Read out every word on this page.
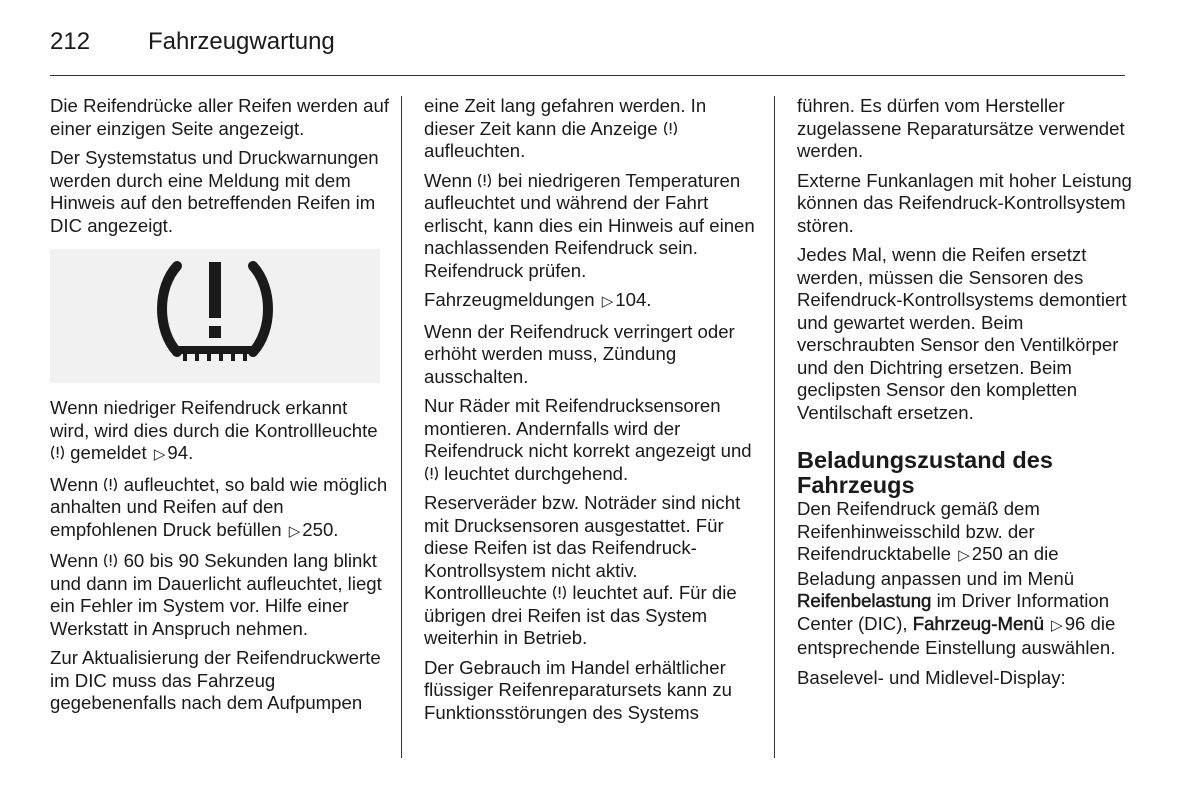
212 Fahrzeugwartung

Die Reifendrücke aller Reifen werden auf einer einzigen Seite angezeigt.

Der Systemstatus und Druckwarnungen werden durch eine Meldung mit dem Hinweis auf den betreffenden Reifen im DIC angezeigt.

Wenn niedriger Reifendruck erkannt wird, wird dies durch die Kontrollleuchte  gemeldet ▷ 94.

Wenn aufleuchtet, so bald wie möglich anhalten und Reifen auf den empfohlenen Druck befüllen ▷ 250.

Wenn 60 bis 90 Sekunden lang blinkt und dann im Dauerlicht aufleuchtet, liegt ein Fehler im System vor. Hilfe einer Werkstatt in Anspruch nehmen.

Zur Aktualisierung der Reifendruckwerte im DIC muss das Fahrzeug gegebenenfalls nach dem Aufpumpen

eine Zeit lang gefahren werden. In dieser Zeit kann die Anzeige  aufleuchten.

Wenn bei niedrigeren Temperaturen aufleuchtet und während der Fahrt erlischt, kann dies ein Hinweis auf einen nachlassenden Reifendruck sein. Reifendruck prüfen.

Fahrzeugmeldungen ▷ 104.

Wenn der Reifendruck verringert oder erhöht werden muss, Zündung ausschalten.

Nur Räder mit Reifendrucksensoren montieren. Andernfalls wird der Reifendruck nicht korrekt angezeigt und  leuchtet durchgehend.

Reserveräder bzw. Noträder sind nicht mit Drucksensoren ausgestattet. Für diese Reifen ist das Reifendruck-Kontrollsystem nicht aktiv. Kontrollleuchte leuchtet auf. Für die übrigen drei Reifen ist das System weiterhin in Betrieb.

Der Gebrauch im Handel erhältlicher flüssiger Reifenreparatursets kann zu Funktionsstörungen des Systems

führen. Es dürfen vom Hersteller zugelassene Reparatursätze verwendet werden.

Externe Funkanlagen mit hoher Leistung können das Reifendruck-Kontrollsystem stören.

Jedes Mal, wenn die Reifen ersetzt werden, müssen die Sensoren des Reifendruck-Kontrollsystems demontiert und gewartet werden. Beim verschraubten Sensor den Ventilkörper und den Dichtring ersetzen. Beim geclipsten Sensor den kompletten Ventilschaft ersetzen.

Beladungszustand des
Fahrzeugs

Den Reifendruck gemäß dem Reifenhinweisschild bzw. der Reifendrucktabelle ▷ 250 an die Beladung anpassen und im Menü Reifenbelastung im Driver Information Center (DIC), Fahrzeug-Menü ▷ 96 die entsprechende Einstellung auswählen.

Baselevel- und Midlevel-Display:
